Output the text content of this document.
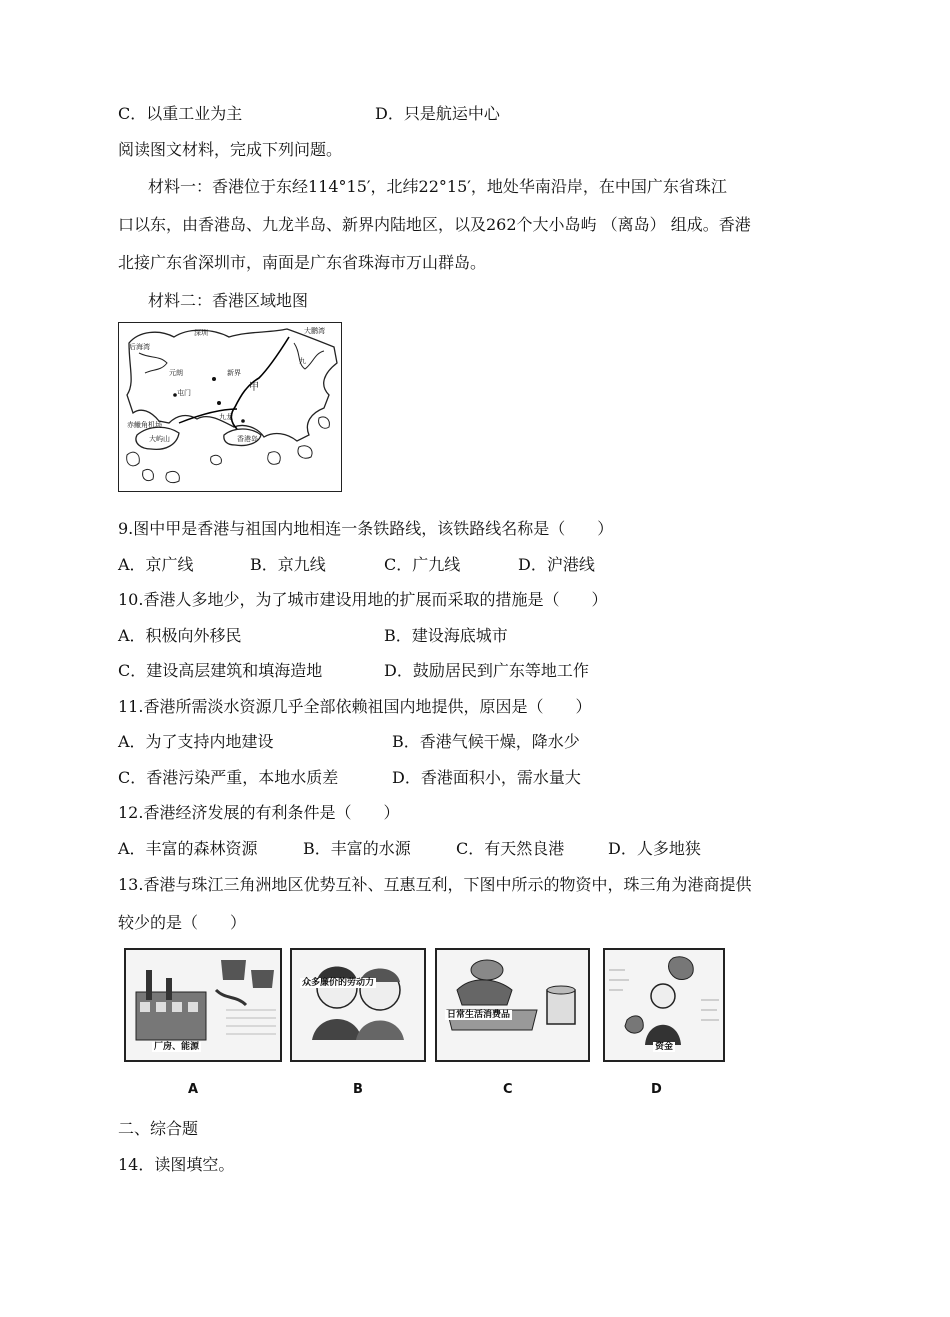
C．以重工业为主	D．只是航运中心
阅读图文材料，完成下列问题。
材料一：香港位于东经114°15′，北纬22°15′，地处华南沿岸，在中国广东省珠江
口以东，由香港岛、九龙半岛、新界内陆地区，以及262个大小岛屿 （离岛） 组成。香港
北接广东省深圳市，南面是广东省珠海市万山群岛。
材料二：香港区域地图
深圳	大鹏湾
后海湾
元朗	新界
屯门	甲
九龙
香港岛
大屿山
赤鱲角机场
九
9.图中甲是香港与祖国内地相连一条铁路线，该铁路线名称是（　　）
A．京广线	B．京九线	C．广九线	D．沪港线
10.香港人多地少，为了城市建设用地的扩展而采取的措施是（　　）
A．积极向外移民	B．建设海底城市
C．建设高层建筑和填海造地	D．鼓励居民到广东等地工作
11.香港所需淡水资源几乎全部依赖祖国内地提供，原因是（　　）
A．为了支持内地建设	B．香港气候干燥，降水少
C．香港污染严重，本地水质差	D．香港面积小，需水量大
12.香港经济发展的有利条件是（　　）
A．丰富的森林资源	B．丰富的水源	C．有天然良港	D．人多地狭
13.香港与珠江三角洲地区优势互补、互惠互利，下图中所示的物资中，珠三角为港商提供
较少的是（　　）
厂房、能源
众多廉价的劳动力
日常生活消费品
资金
A	B	C	D
二、综合题
14．读图填空。
